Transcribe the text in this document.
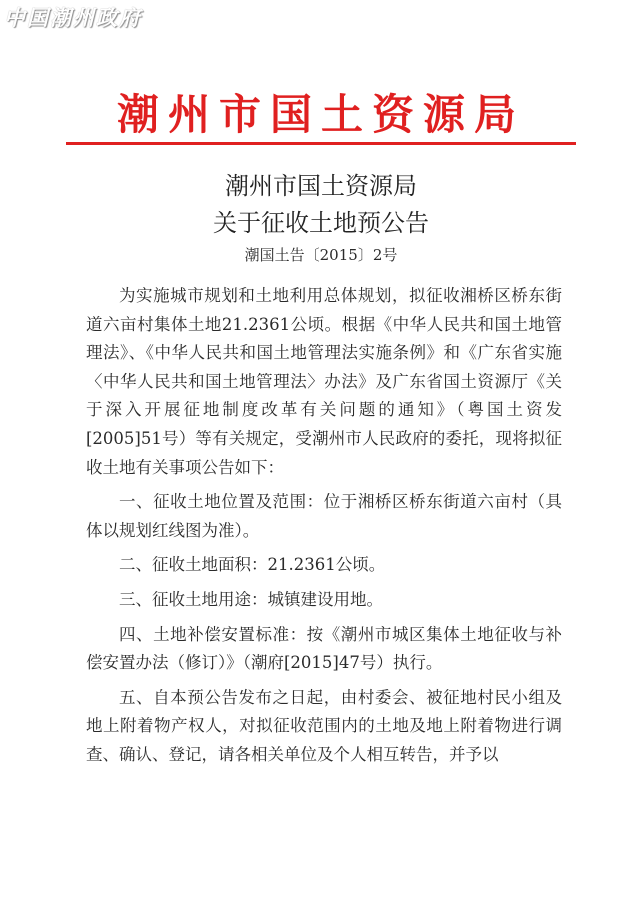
中国潮州政府
潮州市国土资源局
潮州市国土资源局
关于征收土地预公告
潮国土告〔2015〕2号

为实施城市规划和土地利用总体规划，拟征收湘桥区桥东街道六亩村集体土地21.2361公顷。根据《中华人民共和国土地管理法》、《中华人民共和国土地管理法实施条例》和《广东省实施〈中华人民共和国土地管理法〉办法》及广东省国土资源厅《关于深入开展征地制度改革有关问题的通知》（粤国土资发[2005]51号）等有关规定，受潮州市人民政府的委托，现将拟征收土地有关事项公告如下：

一、征收土地位置及范围：位于湘桥区桥东街道六亩村（具体以规划红线图为准）。

二、征收土地面积：21.2361公顷。

三、征收土地用途：城镇建设用地。

四、土地补偿安置标准：按《潮州市城区集体土地征收与补偿安置办法（修订）》（潮府[2015]47号）执行。

五、自本预公告发布之日起，由村委会、被征地村民小组及地上附着物产权人，对拟征收范围内的土地及地上附着物进行调查、确认、登记，请各相关单位及个人相互转告，并予以
